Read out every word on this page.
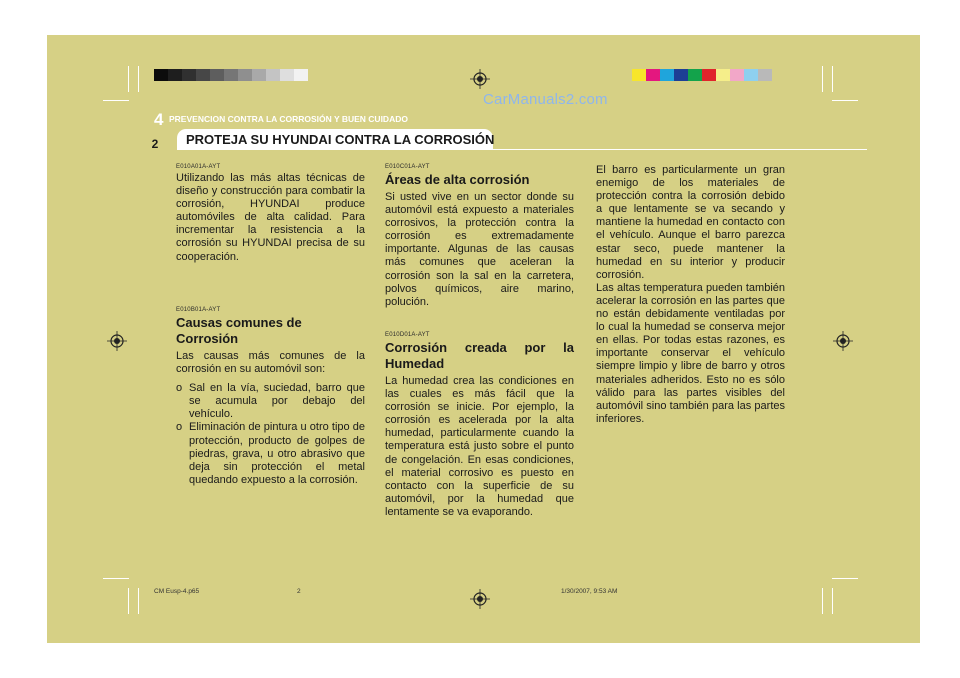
CarManuals2.com
4 PREVENCION CONTRA LA CORROSIÓN Y BUEN CUIDADO
PROTEJA SU HYUNDAI CONTRA LA CORROSIÓN
2

E010A01A-AYT

Utilizando las más altas técnicas de diseño y construcción para combatir la corrosión, HYUNDAI produce automóviles de alta calidad. Para incrementar la resistencia a la corrosión su HYUNDAI precisa de su cooperación.

E010B01A-AYT

Causas comunes de Corrosión

Las causas más comunes de la corrosión en su automóvil son:

o Sal en la vía, suciedad, barro que se acumula por debajo del vehículo.
o Eliminación de pintura u otro tipo de protección, producto de golpes de piedras, grava, u otro abrasivo que deja sin protección el metal quedando expuesto a la corrosión.

E010C01A-AYT

Áreas de alta corrosión

Si usted vive en un sector donde su automóvil está expuesto a materiales corrosivos, la protección contra la corrosión es extremadamente importante. Algunas de las causas más comunes que aceleran la corrosión son la sal en la carretera, polvos químicos, aire marino, polución.

E010D01A-AYT

Corrosión creada por la Humedad

La humedad crea las condiciones en las cuales es más fácil que la corrosión se inicie. Por ejemplo, la corrosión es acelerada por la alta humedad, particularmente cuando la temperatura está justo sobre el punto de congelación. En esas condiciones, el material corrosivo es puesto en contacto con la superficie de su automóvil, por la humedad que lentamente se va evaporando.

El barro es particularmente un gran enemigo de los materiales de protección contra la corrosión debido a que lentamente se va secando y mantiene la humedad en contacto con el vehículo. Aunque el barro parezca estar seco, puede mantener la humedad en su interior y producir corrosión.

Las altas temperatura pueden también acelerar la corrosión en las partes que no están debidamente ventiladas por lo cual la humedad se conserva mejor en ellas. Por todas estas razones, es importante conservar el vehículo siempre limpio y libre de barro y otros materiales adheridos. Esto no es sólo válido para las partes visibles del automóvil sino también para las partes inferiores.

CM Eusp-4.p65	2	1/30/2007, 9:53 AM
